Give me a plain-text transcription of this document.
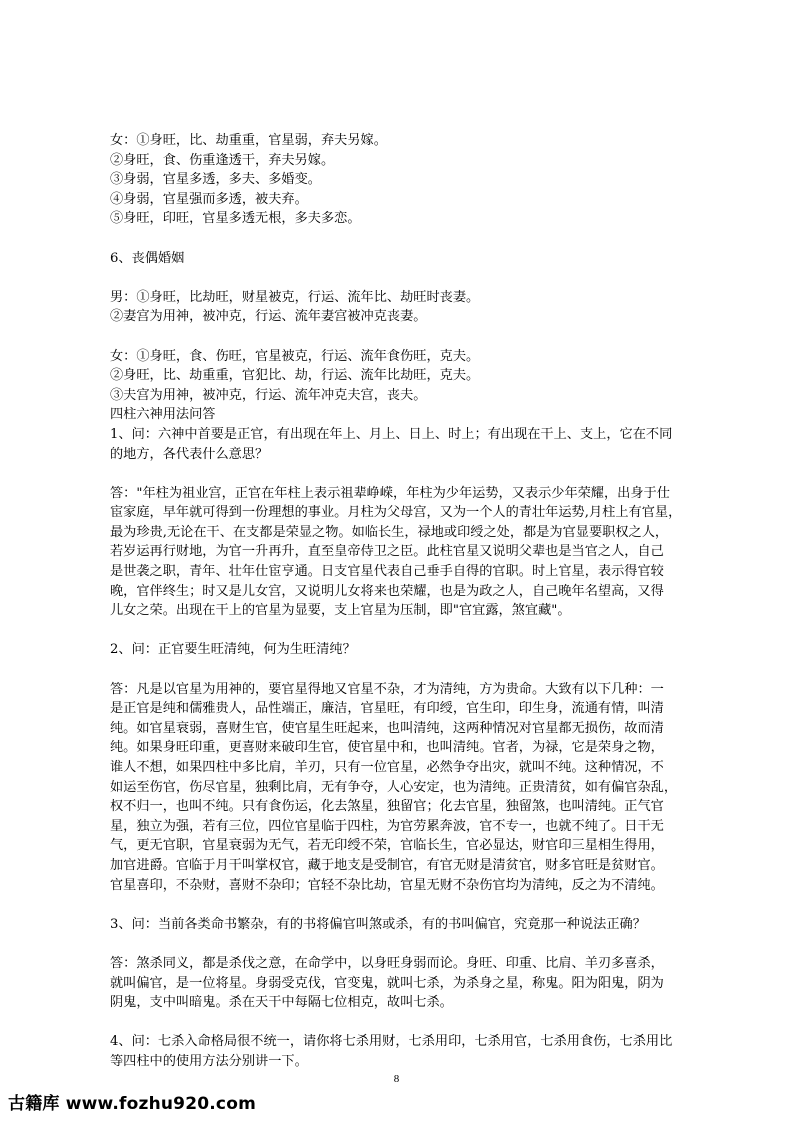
女：①身旺，比、劫重重，官星弱，弃夫另嫁。
②身旺，食、伤重逢透干，弃夫另嫁。
③身弱，官星多透，多夫、多婚变。
④身弱，官星强而多透，被夫弃。
⑤身旺，印旺，官星多透无根，多夫多恋。
6、丧偶婚姻
男：①身旺，比劫旺，财星被克，行运、流年比、劫旺时丧妻。
②妻宫为用神，被冲克，行运、流年妻宫被冲克丧妻。
女：①身旺，食、伤旺，官星被克，行运、流年食伤旺，克夫。
②身旺，比、劫重重，官犯比、劫，行运、流年比劫旺，克夫。
③夫宫为用神，被冲克，行运、流年冲克夫宫，丧夫。
四柱六神用法问答
1、问：六神中首要是正官，有出现在年上、月上、日上、时上；有出现在干上、支上，它在不同
的地方，各代表什么意思？
答："年柱为祖业宫，正官在年柱上表示祖辈峥嵘，年柱为少年运势，又表示少年荣耀，出身于仕
宦家庭，早年就可得到一份理想的事业。月柱为父母宫，又为一个人的青壮年运势,月柱上有官星，
最为珍贵,无论在干、在支都是荣显之物。如临长生，禄地或印绶之处，都是为官显要职权之人，
若岁运再行财地，为官一升再升，直至皇帝侍卫之臣。此柱官星又说明父辈也是当官之人，自己
是世袭之职，青年、壮年仕宦亨通。日支官星代表自己垂手自得的官职。时上官星，表示得官较
晚，官伴终生；时又是儿女宫，又说明儿女将来也荣耀，也是为政之人，自己晚年名望高，又得
儿女之荣。出现在干上的官星为显要，支上官星为压制，即"官宜露，煞宜藏"。
2、问：正官要生旺清纯，何为生旺清纯？
答：凡是以官星为用神的，要官星得地又官星不杂，才为清纯，方为贵命。大致有以下几种：一
是正官是纯和儒雅贵人，品性端正，廉洁，官星旺，有印绶，官生印，印生身，流通有情，叫清
纯。如官星衰弱，喜财生官，使官星生旺起来，也叫清纯，这两种情况对官星都无损伤，故而清
纯。如果身旺印重，更喜财来破印生官，使官星中和，也叫清纯。官者，为禄，它是荣身之物，
谁人不想，如果四柱中多比肩，羊刃，只有一位官星，必然争夺出灾，就叫不纯。这种情况，不
如运至伤官，伤尽官星，独剩比肩，无有争夺，人心安定，也为清纯。正贵清贫，如有偏官杂乱，
权不归一，也叫不纯。只有食伤运，化去煞星，独留官；化去官星，独留煞，也叫清纯。正气官
星，独立为强，若有三位，四位官星临于四柱，为官劳累奔波，官不专一，也就不纯了。日干无
气，更无官职，官星衰弱为无气，若无印绶不荣，官临长生，官必显达，财官印三星相生得用，
加官进爵。官临于月干叫掌权官，藏于地支是受制官，有官无财是清贫官，财多官旺是贫财官。
官星喜印，不杂财，喜财不杂印；官轻不杂比劫，官星无财不杂伤官均为清纯，反之为不清纯。
3、问：当前各类命书繁杂，有的书将偏官叫煞或杀，有的书叫偏官，究竟那一种说法正确？
答：煞杀同义，都是杀伐之意，在命学中，以身旺身弱而论。身旺、印重、比肩、羊刃多喜杀，
就叫偏官，是一位将星。身弱受克伐，官变鬼，就叫七杀，为杀身之星，称鬼。阳为阳鬼，阴为
阴鬼，支中叫暗鬼。杀在天干中每隔七位相克，故叫七杀。
4、问：七杀入命格局很不统一，请你将七杀用财，七杀用印，七杀用官，七杀用食伤，七杀用比
等四柱中的使用方法分别讲一下。
8
古籍库 www.fozhu920.com
